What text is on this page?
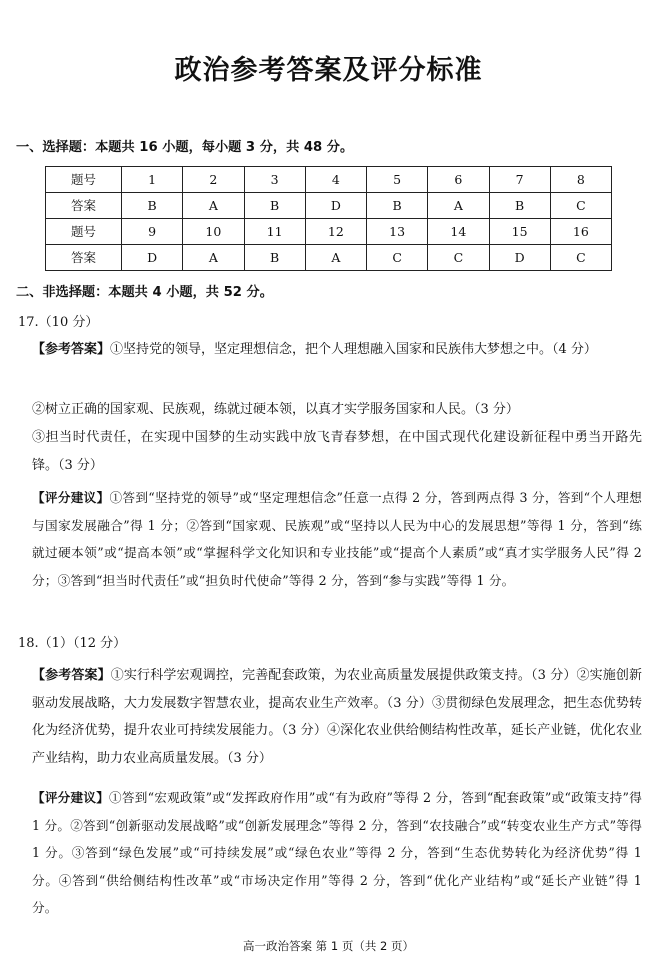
政治参考答案及评分标准
一、选择题：本题共 16 小题，每小题 3 分，共 48 分。
题号	1	2	3	4	5	6	7	8
答案	B	A	B	D	B	A	B	C
题号	9	10	11	12	13	14	15	16
答案	D	A	B	A	C	C	D	C
二、非选择题：本题共 4 小题，共 52 分。
17.（10 分）

【参考答案】①坚持党的领导，坚定理想信念，把个人理想融入国家和民族伟大梦想之中。（4 分）

②树立正确的国家观、民族观，练就过硬本领，以真才实学服务国家和人民。（3 分）

③担当时代责任，在实现中国梦的生动实践中放飞青春梦想，在中国式现代化建设新征程中勇当开路先锋。（3 分）

【评分建议】①答到“坚持党的领导”或“坚定理想信念”任意一点得 2 分，答到两点得 3 分，答到“个人理想与国家发展融合”得 1 分；②答到“国家观、民族观”或“坚持以人民为中心的发展思想”等得 1 分，答到“练就过硬本领”或“提高本领”或“掌握科学文化知识和专业技能”或“提高个人素质”或“真才实学服务人民”得 2 分；③答到“担当时代责任”或“担负时代使命”等得 2 分，答到“参与实践”等得 1 分。

18.（1）（12 分）

【参考答案】①实行科学宏观调控，完善配套政策，为农业高质量发展提供政策支持。（3 分）②实施创新驱动发展战略，大力发展数字智慧农业，提高农业生产效率。（3 分）③贯彻绿色发展理念，把生态优势转化为经济优势，提升农业可持续发展能力。（3 分）④深化农业供给侧结构性改革，延长产业链，优化农业产业结构，助力农业高质量发展。（3 分）

【评分建议】①答到“宏观政策”或“发挥政府作用”或“有为政府”等得 2 分，答到“配套政策”或“政策支持”得 1 分。②答到“创新驱动发展战略”或“创新发展理念”等得 2 分，答到“农技融合”或“转变农业生产方式”等得 1 分。③答到“绿色发展”或“可持续发展”或“绿色农业”等得 2 分，答到“生态优势转化为经济优势”得 1 分。④答到“供给侧结构性改革”或“市场决定作用”等得 2 分，答到“优化产业结构”或“延长产业链”得 1 分。

高一政治答案 第 1 页（共 2 页）
